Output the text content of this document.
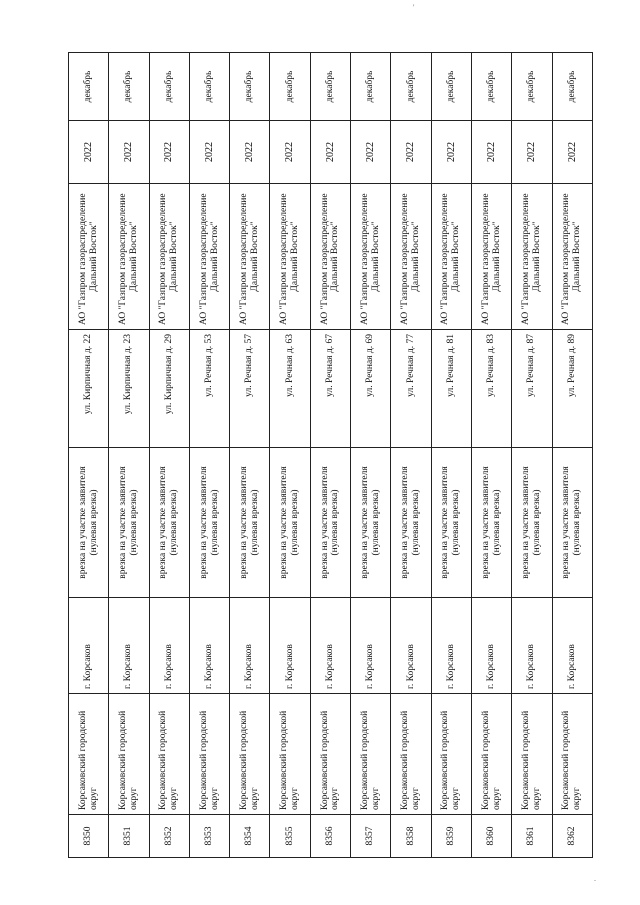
'
8350	Корсаковский городской округ	г. Корсаков	врезка на участке заявителя (нулевая врезка)	ул. Кирпичная д. 22	АО "Газпром газораспределение Дальний Восток"	2022	декабрь
8351	Корсаковский городской округ	г. Корсаков	врезка на участке заявителя (нулевая врезка)	ул. Кирпичная д. 23	АО "Газпром газораспределение Дальний Восток"	2022	декабрь
8352	Корсаковский городской округ	г. Корсаков	врезка на участке заявителя (нулевая врезка)	ул. Кирпичная д. 29	АО "Газпром газораспределение Дальний Восток"	2022	декабрь
8353	Корсаковский городской округ	г. Корсаков	врезка на участке заявителя (нулевая врезка)	ул. Речная д. 53	АО "Газпром газораспределение Дальний Восток"	2022	декабрь
8354	Корсаковский городской округ	г. Корсаков	врезка на участке заявителя (нулевая врезка)	ул. Речная д. 57	АО "Газпром газораспределение Дальний Восток"	2022	декабрь
8355	Корсаковский городской округ	г. Корсаков	врезка на участке заявителя (нулевая врезка)	ул. Речная д. 63	АО "Газпром газораспределение Дальний Восток"	2022	декабрь
8356	Корсаковский городской округ	г. Корсаков	врезка на участке заявителя (нулевая врезка)	ул. Речная д. 67	АО "Газпром газораспределение Дальний Восток"	2022	декабрь
8357	Корсаковский городской округ	г. Корсаков	врезка на участке заявителя (нулевая врезка)	ул. Речная д. 69	АО "Газпром газораспределение Дальний Восток"	2022	декабрь
8358	Корсаковский городской округ	г. Корсаков	врезка на участке заявителя (нулевая врезка)	ул. Речная д. 77	АО "Газпром газораспределение Дальний Восток"	2022	декабрь
8359	Корсаковский городской округ	г. Корсаков	врезка на участке заявителя (нулевая врезка)	ул. Речная д. 81	АО "Газпром газораспределение Дальний Восток"	2022	декабрь
8360	Корсаковский городской округ	г. Корсаков	врезка на участке заявителя (нулевая врезка)	ул. Речная д. 83	АО "Газпром газораспределение Дальний Восток"	2022	декабрь
8361	Корсаковский городской округ	г. Корсаков	врезка на участке заявителя (нулевая врезка)	ул. Речная д. 87	АО "Газпром газораспределение Дальний Восток"	2022	декабрь
8362	Корсаковский городской округ	г. Корсаков	врезка на участке заявителя (нулевая врезка)	ул. Речная д. 89	АО "Газпром газораспределение Дальний Восток"	2022	декабрь
.
